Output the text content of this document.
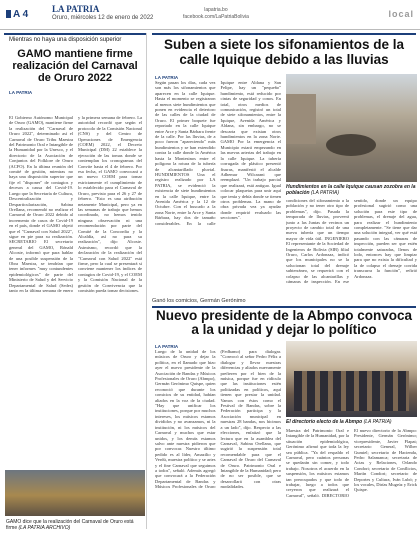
A 4	LA PATRIA
Oruro, miércoles 12 de enero de 2022
lapatria.bo
facebook.com/LaPatriaBolivia	local
Mientras no haya una disposición superior
GAMO mantiene firme realización del Carnaval de Oruro 2022
LA PATRIA
El Gobierno Autónomo Municipal de Oruro (GAMO), mantiene firme la realización del "Carnaval de Oruro 2022", determinado así el Carnaval de Oruro Tribu Maestra del Patrimonio Oral e Intangible de la Humanidad por la Unesco, y el directorio de la Asociación de Conjuntos del Folklore de Oruro (ACFO). En la última reunión del comité de gestión, mientras no haya una disposición superior que fije el "disponer" de contagios y decesos a causa del Covid-19. Luego que la Secretaría de Cultura, Descentralización y Desparticularización, Sabina Orellana, recomendó no realizar el Carnaval de Oruro 2022 debido al incremento de casos de Covid-19 en el país, donde el GAMO objetó que el "Carnaval con Salud 2022", sigue en pie para su realización. SECRETARIO El secretario general del GAMO, Rónald Alcoste, informó que para hablar de una posible suspensión de la Obra Maestra, se tendrían que tener informes "muy contundentes epidemiológicos" de parte del Ministerio de Salud y del Servicio Departamental de Salud (Sedes) tanto en la última semana de enero y la primera semana de febrero. La autoridad recordó que según el protocolo de la Comisión Nacional (CNS) y del Centro de Operaciones de Emergencia (COEM) 2022, el Decreto Municipal (DM) 22 establece la ejecución de las tomas donde se contemplan los cronogramas del Convite hasta el 4 de febrero. Por esa fecha, el GAMO convocará a un nuevo COEM para tomar estrictamente el cumplimiento de lo establecido para el Carnaval de Oruro, previsto para el 26 y 27 de febrero. "Esto es una atribución netamente Municipal, pero ya en las semanas de trabajo que hemos coordinado, no hemos tenido ninguna observación ni una recomendación por parte del Comité de la Concordia y la Alcaldía, así no para su realización", dijo Alcoste. Asimismo, recordó que la declaración de la realización del "Carnaval con Salud 2022" está firme, pero la cual se presentará si conviene mantener los índices de contagios de Covid-19, y el COEM y la Comisión Nacional de la gestión de Convivencia que la comisión pueda tomar decisiones.
GAMO dice que la realización del Carnaval de Oruro está firme (LA PATRIA ARCHIVO)
Suben a siete los sifonamientos de la calle Iquique debido a las lluvias
LA PATRIA
Según pasan los días, cada vez son más los sifonamientos que aparecen en la calle Iquique. Hasta el momento se registraron al menos siete hundimientos que ponen en evidencia el deterioro de las calles de la ciudad de Oruro. El primer boquete fue reportado en la calle Iquique entre Arce y Santa Bárbara frente de la calle. Por las lluvias, de a poco fueron "apareciendo" más hundimientos y se han extendido contra la calle donde la América hasta la Montesinos entre el polígono la rotura de la tubería de alcantarillado pluvial. HUNDIMIENTOS Una el registro realizado por LA PATRIA, se evidenció la existencia de siete hundimientos en la calle Iquique, entre la Avenida América y la 12 de Octubre. Con el buscado a la zona Norte, entre la Arce y Santa Bárbara, hay dos de tamaño considerables. En la calle Iquique entre Aldana y San Felipe, hay un "pequeño" hundimiento, está reducido por cintas de seguridad y conos. En total, otros medios de comunicación, registró un total de siete sifonamientos, entre la Iquique, Avenida América y Aldana, sin embargo, no se descarta que existan otros hundimientos en la zona Norte. GAMO Por la emergencia el Municipio estará empezando en las nuevas arterias del trabajo en la calle Iquique. La tubería corrugada de plástico presentó fisuras, manifestó el alcalde Adhemar Wilcarani que reemplazó. "Un trabajo parcial que realizará, está antiguo. Igual colocar plaquetas para unir aquí que tenía y debía donde se tienen otros problemas. La mano de obra privada vea ya ayudar donde requirió evaluarlo las secciones".
Hundimientos en la calle Iquique causan zozobra en la población (LA PATRIA)
condiciones del sifonamiento a la población y no tener otro tipo de problemas", dijo. Pasada la temporada de lluvias, proveerá junto a las Juntas de vecinos un proyecto de cambio total de una nueva tubería que un tiempo mayor de vida útil. INGENIERO El representante de la Sociedad de Ingenieros de Bolivia (SIB) filial Oruro, Carlos Ardonzaz, indicó que los municipales no se la solucionan total del drenaje subterráneo, se requerirá con el colapso de las alcantarillas y cámaras de inspección. En ese sentido, donde un equipo profesional sugirió como una solución para este tipo de problemas, el drenaje del agua, para realizar el hundimiento completamente. "Se tiene que dar una solución integral, ver qué está pasando con las cámaras de inspección, pueden ser que estén totalmente saturadas, llenos de lodo, entonces hay que limpiar para que no exista la dificultad y la de colapso el drenaje corrida transcurra la función", refirió Ardonzaz.
Ganó los comicios, Germán Gerónimo
Nuevo presidente de la Abmpo convoca a la unidad y dejar lo político
LA PATRIA
Luego de la unidad de los músicos de Oruro y dejar la política, en el llamado que hizo ayer el nuevo presidente de la Asociación de Bandas y Músicos Profesionales de Oruro (Abmpo), Germán Gerónimo Quispe, quien reconoció que durante los comicios de su entidad, habían aliados en la voz de la ciudad. "Hay que unificar los instituciones, porque por muchos intereses, los músicos estamos divididos y no avanzamos, ni la institución, ni los músicos del Carnaval y muchos que estar unidos, y los demás estamos salvo ante nuestra pidieron que por convocar. Nuestro último pedido es al líder, Amazilio y Verdú, muestra político y se artes y el fine Carnaval que seguimos a todos", señaló. Además agregó que convocará a la Federación Departamental de Bandas y Músicos Profesionales de Oruro (Fedbamo) para dialogar. "Convocó al señor Pedro Félix a dialogar y llevar nuestras diferencias y aliados nuevamente prefieren por el bien de la música, porque fue en ridículo que las instituciones estén politizadas en políticos, aquí tienen que prestar la unidad. Vamos con éstos como el Festival de Bandas, sobre la Federación participa y la Asociación municipal en nuestras 28 bandas, nos hicimos a un lado", dijo. Respecto a las elecciones, enfatizó que la lectura que en la asamblea del Carnaval, Sabina Orellana, que sugirió la suspensión total recomendable para que el Carnaval de Oruro del Carnaval de Oruro. Patrimonio Oral e Intangible de la Humanidad; pero de no ser posible, que se desarrollará con otras modalidades.
El directorio electo de la Abmpo (LA PATRIA)
Maestra del Patrimonio Oral e Intangible de la Humanidad, por la situación epidemiológica, Gerónimo afirmó que toda la ley sea pública. "Ya del respaldo el Carnaval, pero cuántos personas se quedarán sin comer, y todo trabajo. Nosotros el acuerdo en la suspensión, los músicos estamos tan preocupados y que todo de trabajar, luego a todos que creyeron que realizará el Carnaval", señaló. DIRECTORIO El nuevo directorio de la Abmpo: Presidente, Germán Gerónimo; vicepresidente, Javier Flapat; secretario General, Wilber Gumiel; secretario de Hacienda, Pedro Salamanca; secretaria de Actas y Relaciones, Orlando Condori; secretario de Conflictos, Martín Condori; secretario de Deportes y Cultura, Iván Lubó; y los vocales, Dirías Mugrúz y Erick Quispe.
